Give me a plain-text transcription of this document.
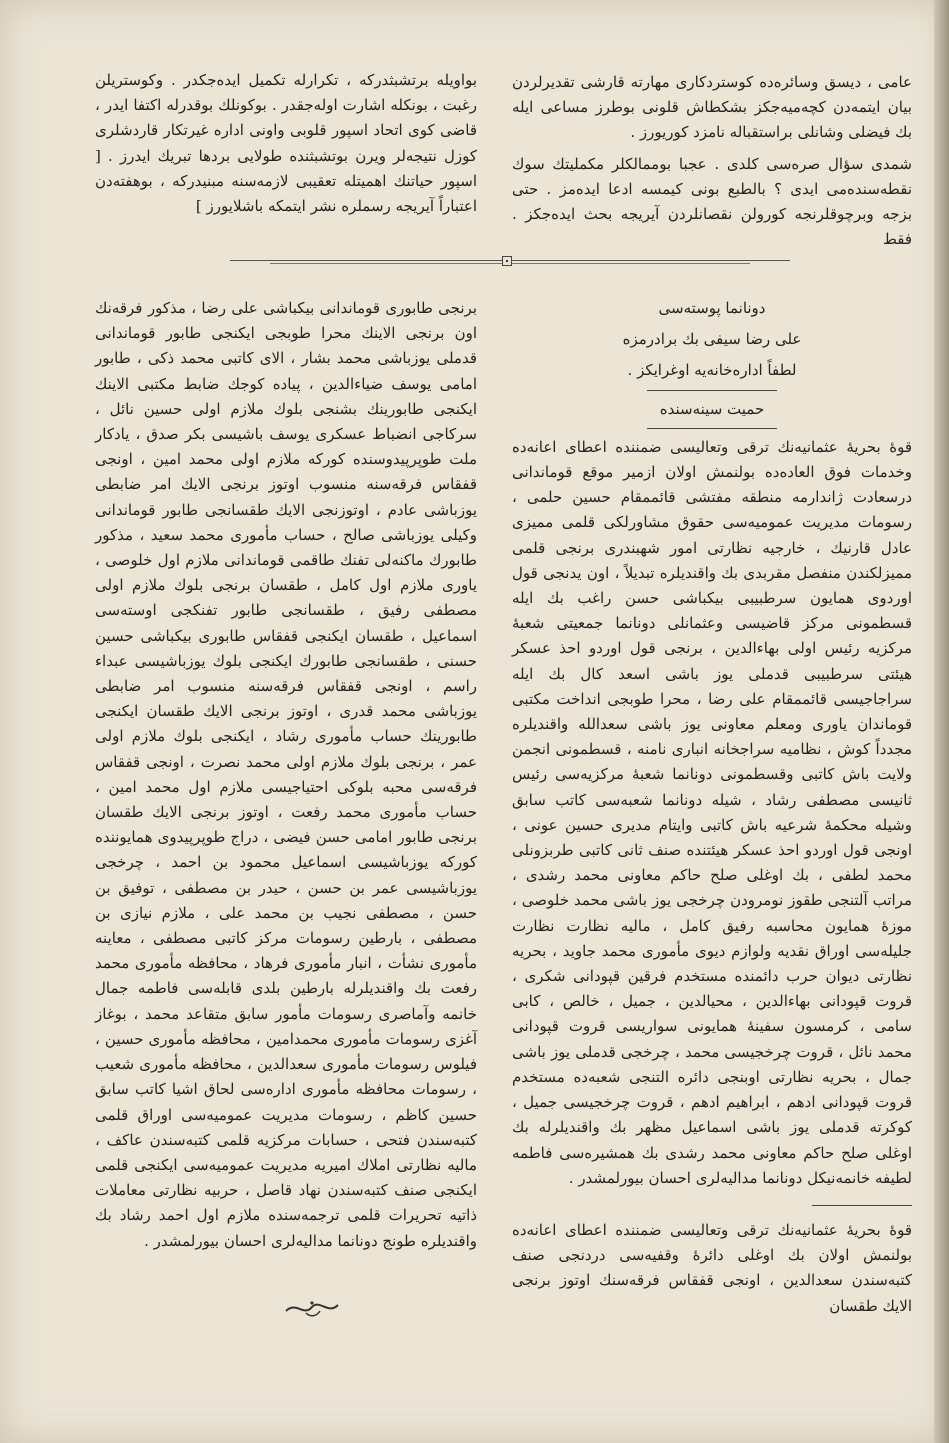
عامی ، دیسق وسائرەدە کوستردکاری مهارتە قارشی تقدیرلردن بیان ایتمەدن کچەمیەجکز بشکطاش قلونی بوطرز مساعی ایلە بك فیضلی وشانلی براستقبالە نامزد کوریورز .

شمدی سؤال صرەسی کلدی . عجبا بوممالکلر مکملیتك سوك نقطەسندەمی ایدی ؟ بالطبع بونی کیمسە ادعا ایدەمز . حتی بزجە وبرچوقلرنجە کورولن نقصانلردن آیریجە بحث ایدەجکز . فقط

بواویلە برتشبثدرکە ، تکرارلە تکمیل ایدەجکدر . وکوستریلن رغبت ، بونکلە اشارت اولەجقدر . بوکونلك بوقدرلە اکتفا ایدر ، قاضی کوی اتحاد اسپور قلوبی واونی ادارە غیرتکار قاردشلری کوزل نتیجەلر ویرن بوتشبثندە طولایی بردها تبریك ایدرز . [ اسپور حیاتنك اهمیتلە تعقیبی لازمەسنە مبنیدرکە ، بوهفتەدن اعتباراً آیریجە رسملرە نشر ایتمکە باشلایورز ]

دونانما پوستەسی

علی رضا سیفی بك برادرمزە

لطفاً ادارەخانەیە اوغرایکز .

حمیت سینەسندە

قوۀ بحریۀ عثمانیەنك ترقی وتعالیسی ضمنندە اعطای اعانەدە وخدمات فوق العادەدە بولنمش اولان ازمیر موقع قوماندانی درسعادت ژاندارمە منطقە مفتشی قائممقام حسین حلمی ، رسومات مدیریت عمومیەسی حقوق مشاورلکی قلمی ممیزی عادل قارنیك ، خارجیە نظارتی امور شهبندری برنجی قلمی ممیزلکندن منفصل مقربدی بك واقندیلرە تبدیلاً ، اون یدنجی قول اوردوی همایون سرطبیبی بیکباشی حسن راغب بك ایلە قسطمونی مرکز قاضیسی وعثمانلی دونانما جمعیتی شعبۀ مرکزیە رئیس اولی بهاءالدین ، برنجی قول اوردو احذ عسکر هیئتی سرطبیبی قدملی یوز باشی اسعد کال بك ایلە سراجاجیسی قائممقام علی رضا ، محرا طوبجی انداخت مکتبی قوماندان یاوری ومعلم معاونی یوز باشی سعدالله واقندیلرە مجدداً کوش ، نظامیە سراجخانە انباری نامنە ، قسطمونی انجمن ولایت باش کاتبی وقسطمونی دونانما شعبۀ مرکزیەسی رئیس ثانیسی مصطفی رشاد ، شیلە دونانما شعبەسی کاتب سابق وشیلە محکمۀ شرعیە باش کاتبی وایتام مدیری حسین عونی ، اونجی قول اوردو احذ عسکر هیئتندە صنف ثانی کاتبی طربزونلی محمد لطفی ، بك اوغلی صلح حاکم معاونی محمد رشدی ، مراتب آلتنجی طقوز نومرودن چرخجی یوز باشی محمد خلوصی ، موزۀ همایون محاسبە رفیق کامل ، مالیە نظارت نظارت جلیلەسی اوراق نقدیە ولوازم دیوی مأموری محمد جاوید ، بحریە نظارتی دیوان حرب دائمندە مستخدم فرقین قپودانی شکری ، قروت قپودانی بهاءالدین ، محیالدین ، جمیل ، خالص ، کابی سامی ، کرمسون سفینۀ همایونی سواریسی قروت قپودانی محمد نائل ، قروت چرخجیسی محمد ، چرخجی قدملی یوز باشی جمال ، بحریە نظارتی اوبنجی دائرە التنجی شعبەدە مستخدم قروت قپودانی ادهم ، ابراهیم ادهم ، قروت چرخجیسی جمیل ، کوکرتە قدملی یوز باشی اسماعیل مظهر بك واقندیلرلە بك اوغلی صلح حاکم معاونی محمد رشدی بك همشیرەسی فاطمە لطیفە خانمەنیکل دونانما مدالیەلری احسان بیورلمشدر .

قوۀ بحریۀ عثمانیەنك ترقی وتعالیسی ضمنندە اعطای اعانەدە بولنمش اولان بك اوغلی دائرۀ وقفیەسی دردنجی صنف کتبەسندن سعدالدین ، اونجی قفقاس فرقەسنك اوتوز برنجی الایك طقسان

برنجی طابوری قوماندانی بیکباشی علی رضا ، مذکور فرقەنك اون برنجی الاینك محرا طوبجی ایکنجی طابور قوماندانی قدملی یوزباشی محمد بشار ، الای کاتبی محمد ذکی ، طابور امامی یوسف ضیاءالدین ، پیادە کوجك ضابط مکتبی الاینك ایکنجی طابورینك بشنجی بلوك ملازم اولی حسین نائل ، سرکاجی انضباط عسکری یوسف باشیسی بکر صدق ، یادکار ملت طوپرپیدوسندە کورکە ملازم اولی محمد امین ، اونجی قفقاس فرقەسنە منسوب اوتوز برنجی الایك امر ضابطی یوزباشی عادم ، اوتوزنجی الایك طقسانجی طابور قوماندانی وکیلی یوزباشی صالح ، حساب مأموری محمد سعید ، مذکور طابورك ماکنەلی تفنك طاقمی قوماندانی ملازم اول خلوصی ، یاوری ملازم اول کامل ، طقسان برنجی بلوك ملازم اولی مصطفی رفیق ، طقسانجی طابور تفنکجی اوستەسی اسماعیل ، طقسان ایکنجی قفقاس طابوری بیکباشی حسین حسنی ، طقسانجی طابورك ایکنجی بلوك یوزباشیسی عبداء راسم ، اونجی قفقاس فرقەسنە منسوب امر ضابطی یوزباشی محمد قدری ، اوتوز برنجی الایك طقسان ایکنجی طابورینك حساب مأموری رشاد ، ایکنجی بلوك ملازم اولی عمر ، برنجی بلوك ملازم اولی محمد نصرت ، اونجی قفقاس فرقەسی محبە بلوکی احتیاجیسی ملازم اول محمد امین ، حساب مأموری محمد رفعت ، اوتوز برنجی الایك طقسان برنجی طابور امامی حسن فیضی ، دراج طوپرپیدوی همایوننده کورکە یوزباشیسی اسماعیل محمود بن احمد ، چرخجی یوزباشیسی عمر بن حسن ، حیدر بن مصطفی ، توفیق بن حسن ، مصطفی نجیب بن محمد علی ، ملازم نیازی بن مصطفی ، بارطین رسومات مرکز کاتبی مصطفی ، معاینە مأموری نشأت ، انبار مأموری فرهاد ، محافظە مأموری محمد رفعت بك واقندیلرلە بارطین بلدی قابلەسی فاطمە جمال خانمە وآماصرى رسومات مأمور سابق متقاعد محمد ، بوغاز آغزی رسومات مأموری محمدامین ، محافظە مأموری حسین ، فیلوس رسومات مأموری سعدالدین ، محافظە مأموری شعیب ، رسومات محافظە مأموری ادارەسی لحاق اشیا کاتب سابق حسین کاظم ، رسومات مدیریت عمومیەسی اوراق قلمی کتبەسندن فتحی ، حسابات مرکزیە قلمی کتبەسندن عاکف ، مالیە نظارتی املاك امیریە مدیریت عمومیەسی ایکنجی قلمی ایکنجی صنف کتبەسندن نهاد قاصل ، حربیە نظارتی معاملات ذاتیە تحریرات قلمی ترجمەسندە ملازم اول احمد رشاد بك واقندیلرە طونج دونانما مدالیەلری احسان بیورلمشدر .
